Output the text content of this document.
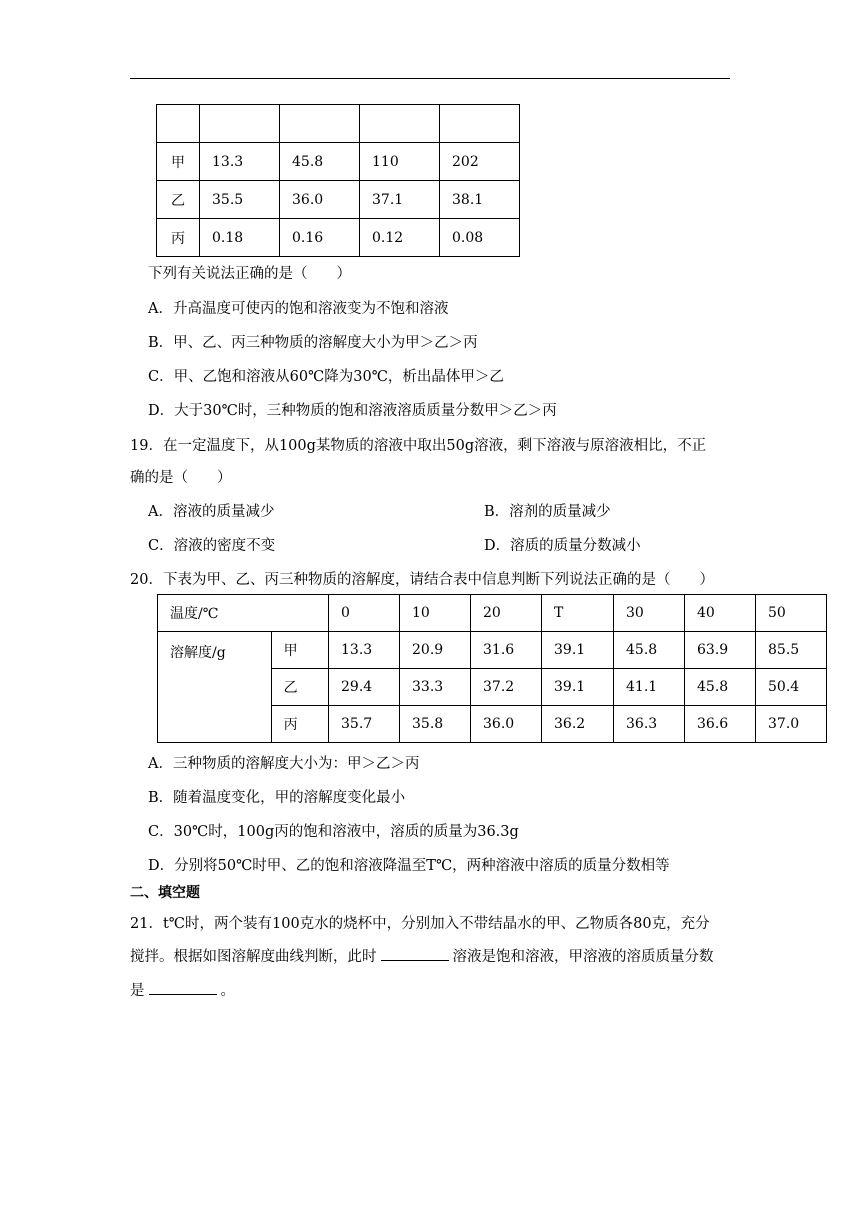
甲	13.3	45.8	110	202
乙	35.5	36.0	37.1	38.1
丙	0.18	0.16	0.12	0.08
下列有关说法正确的是（　　）
A．升高温度可使丙的饱和溶液变为不饱和溶液
B．甲、乙、丙三种物质的溶解度大小为甲＞乙＞丙
C．甲、乙饱和溶液从60℃降为30℃，析出晶体甲＞乙
D．大于30℃时，三种物质的饱和溶液溶质质量分数甲＞乙＞丙
19．在一定温度下，从100g某物质的溶液中取出50g溶液，剩下溶液与原溶液相比，不正
确的是（　　）
A．溶液的质量减少	B．溶剂的质量减少
C．溶液的密度不变	D．溶质的质量分数减小
20．下表为甲、乙、丙三种物质的溶解度，请结合表中信息判断下列说法正确的是（　　）
温度/℃		0	10	20	T	30	40	50
溶解度/g	甲	13.3	20.9	31.6	39.1	45.8	63.9	85.5
	乙	29.4	33.3	37.2	39.1	41.1	45.8	50.4
	丙	35.7	35.8	36.0	36.2	36.3	36.6	37.0
A．三种物质的溶解度大小为：甲＞乙＞丙
B．随着温度变化，甲的溶解度变化最小
C．30℃时，100g丙的饱和溶液中，溶质的质量为36.3g
D．分别将50℃时甲、乙的饱和溶液降温至T℃，两种溶液中溶质的质量分数相等
二、填空题
21．t℃时，两个装有100克水的烧杯中，分别加入不带结晶水的甲、乙物质各80克，充分
搅拌。根据如图溶解度曲线判断，此时	溶液是饱和溶液，甲溶液的溶质质量分数
是	。
